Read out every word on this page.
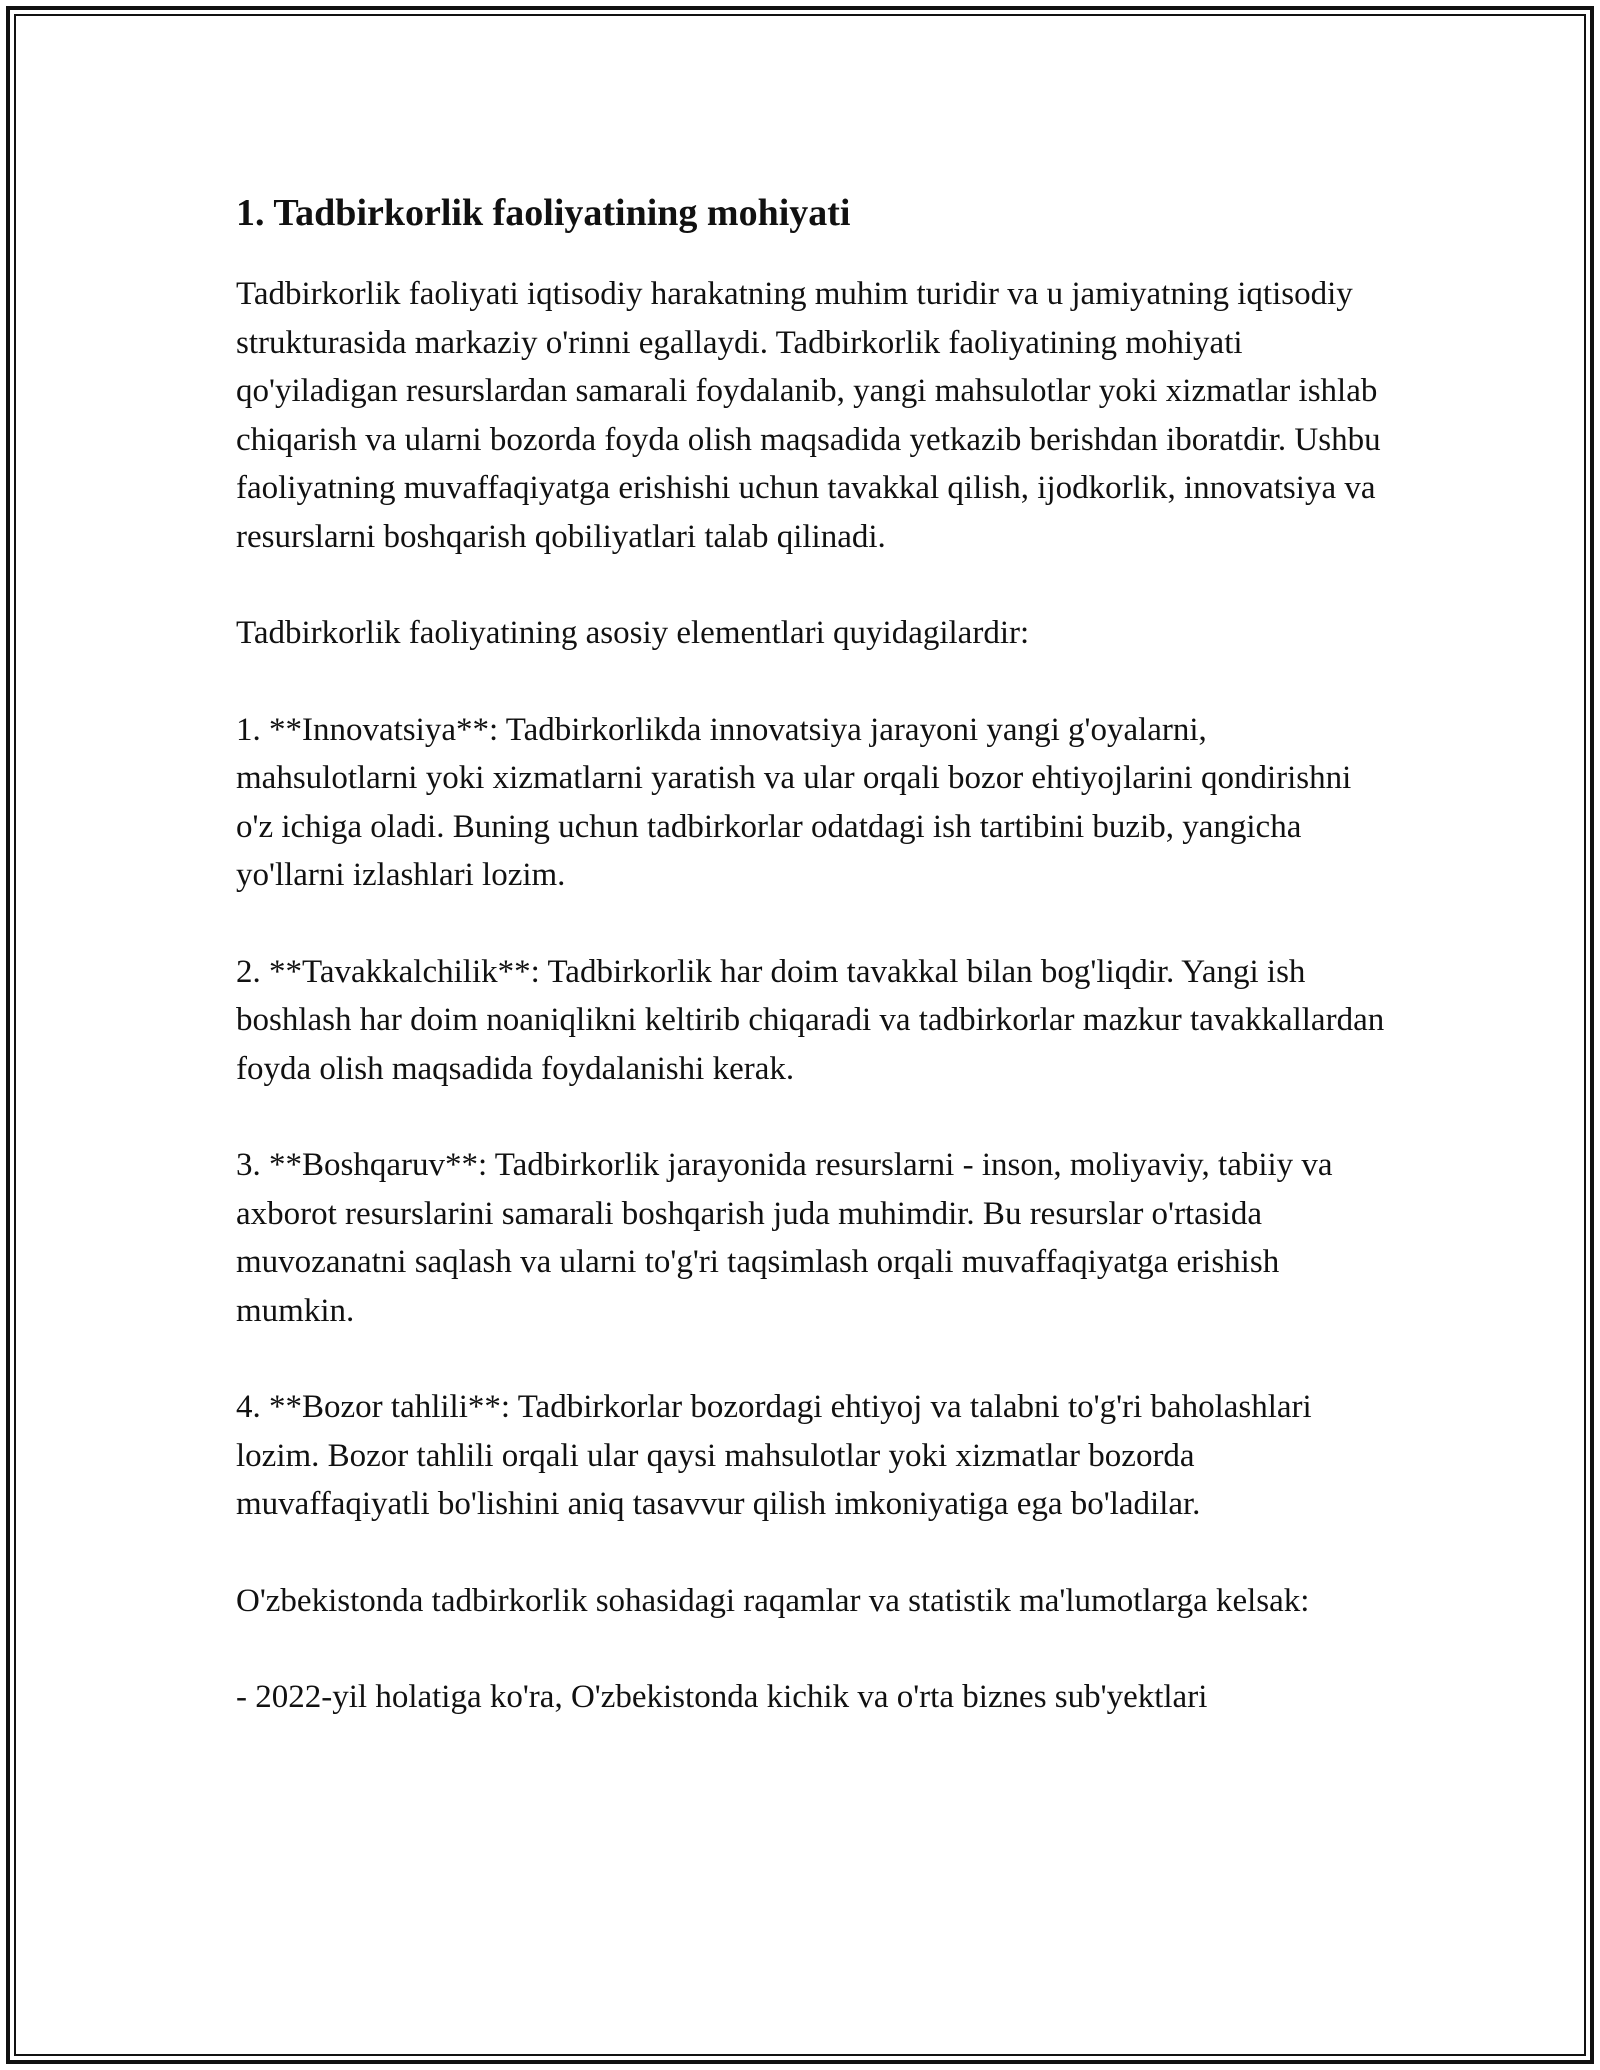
1. Tadbirkorlik faoliyatining mohiyati

Tadbirkorlik faoliyati iqtisodiy harakatning muhim turidir va u jamiyatning iqtisodiy strukturasida markaziy o'rinni egallaydi. Tadbirkorlik faoliyatining mohiyati qo'yiladigan resurslardan samarali foydalanib, yangi mahsulotlar yoki xizmatlar ishlab chiqarish va ularni bozorda foyda olish maqsadida yetkazib berishdan iboratdir. Ushbu faoliyatning muvaffaqiyatga erishishi uchun tavakkal qilish, ijodkorlik, innovatsiya va resurslarni boshqarish qobiliyatlari talab qilinadi.

Tadbirkorlik faoliyatining asosiy elementlari quyidagilardir:

1. **Innovatsiya**: Tadbirkorlikda innovatsiya jarayoni yangi g'oyalarni, mahsulotlarni yoki xizmatlarni yaratish va ular orqali bozor ehtiyojlarini qondirishni o'z ichiga oladi. Buning uchun tadbirkorlar odatdagi ish tartibini buzib, yangicha yo'llarni izlashlari lozim.

2. **Tavakkalchilik**: Tadbirkorlik har doim tavakkal bilan bog'liqdir. Yangi ish boshlash har doim noaniqlikni keltirib chiqaradi va tadbirkorlar mazkur tavakkallardan foyda olish maqsadida foydalanishi kerak.

3. **Boshqaruv**: Tadbirkorlik jarayonida resurslarni - inson, moliyaviy, tabiiy va axborot resurslarini samarali boshqarish juda muhimdir. Bu resurslar o'rtasida muvozanatni saqlash va ularni to'g'ri taqsimlash orqali muvaffaqiyatga erishish mumkin.

4. **Bozor tahlili**: Tadbirkorlar bozordagi ehtiyoj va talabni to'g'ri baholashlari lozim. Bozor tahlili orqali ular qaysi mahsulotlar yoki xizmatlar bozorda muvaffaqiyatli bo'lishini aniq tasavvur qilish imkoniyatiga ega bo'ladilar.

O'zbekistonda tadbirkorlik sohasidagi raqamlar va statistik ma'lumotlarga kelsak:

- 2022-yil holatiga ko'ra, O'zbekistonda kichik va o'rta biznes sub'yektlari
